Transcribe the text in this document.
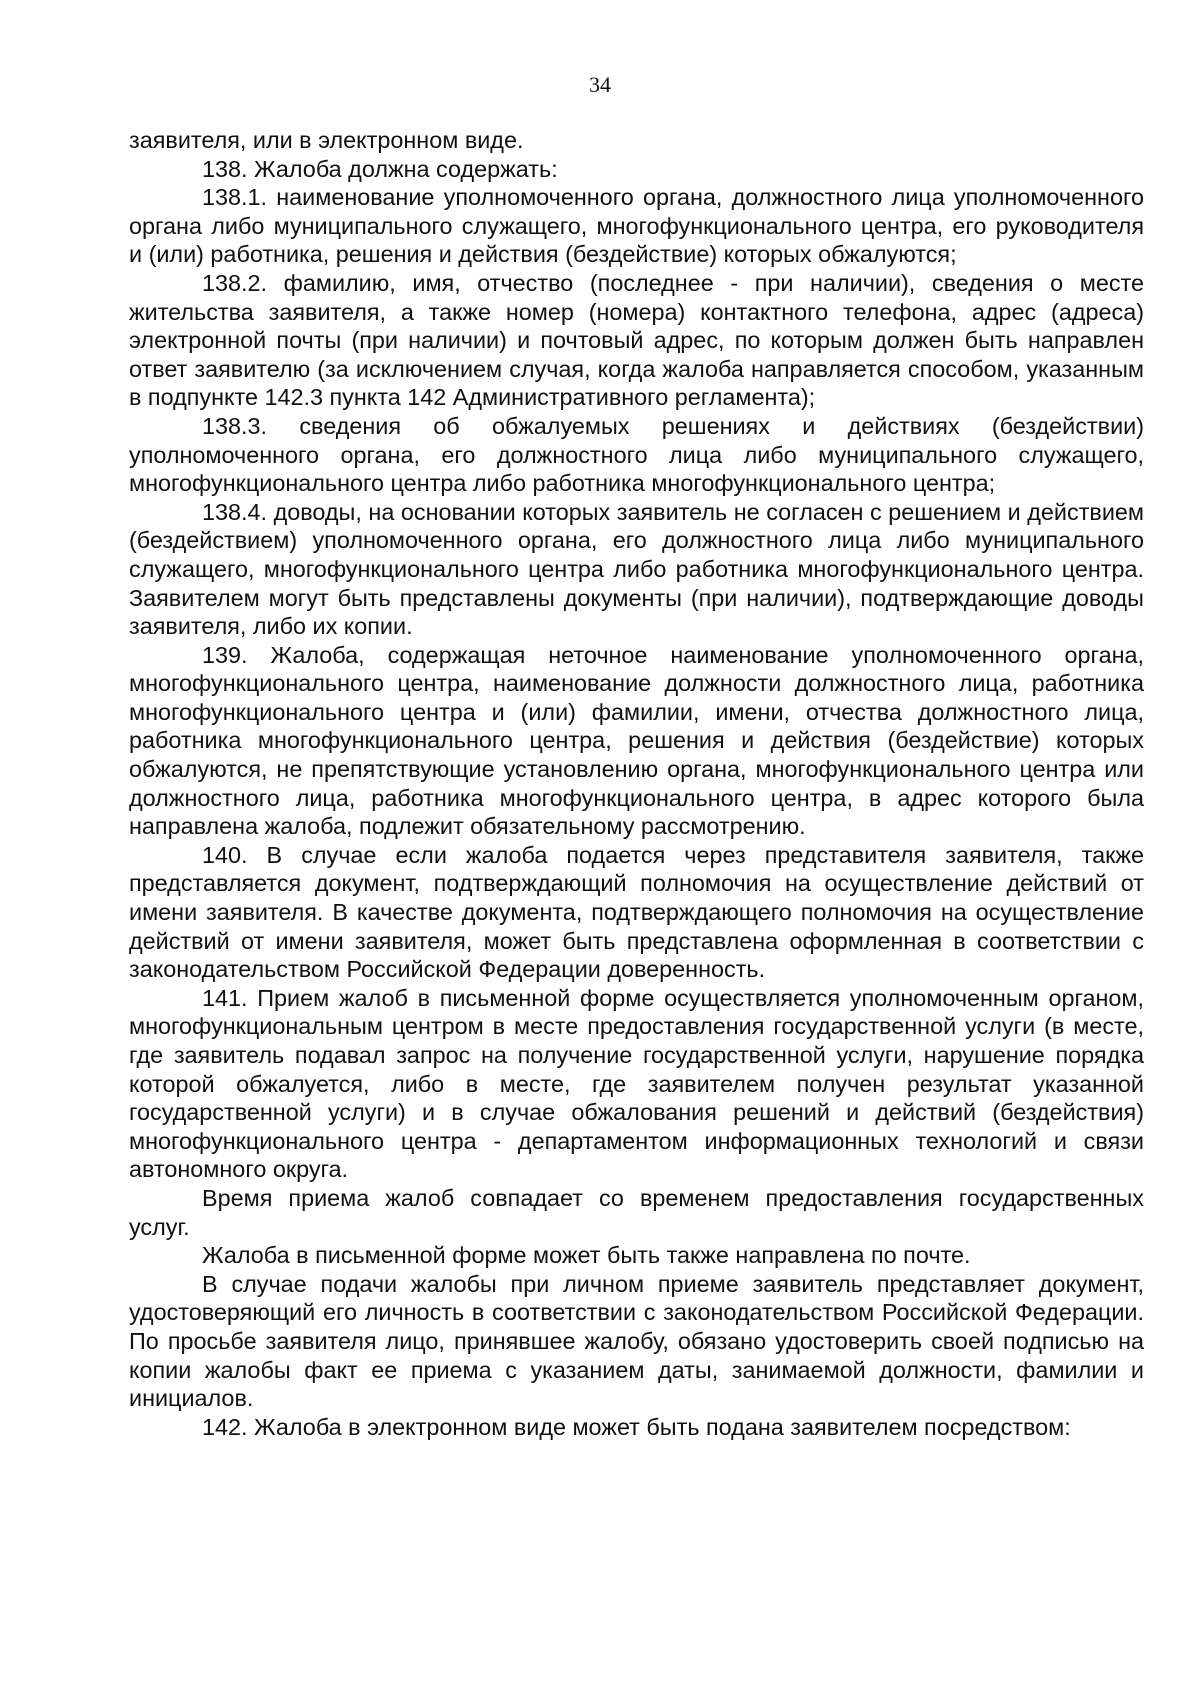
34

заявителя, или в электронном виде.

138. Жалоба должна содержать:

138.1. наименование уполномоченного органа, должностного лица уполномоченного органа либо муниципального служащего, многофункционального центра, его руководителя и (или) работника, решения и действия (бездействие) которых обжалуются;

138.2. фамилию, имя, отчество (последнее - при наличии), сведения о месте жительства заявителя, а также номер (номера) контактного телефона, адрес (адреса) электронной почты (при наличии) и почтовый адрес, по которым должен быть направлен ответ заявителю (за исключением случая, когда жалоба направляется способом, указанным в подпункте 142.3 пункта 142 Административного регламента);

138.3. сведения об обжалуемых решениях и действиях (бездействии) уполномоченного органа, его должностного лица либо муниципального служащего, многофункционального центра либо работника многофункционального центра;

138.4. доводы, на основании которых заявитель не согласен с решением и действием (бездействием) уполномоченного органа, его должностного лица либо муниципального служащего, многофункционального центра либо работника многофункционального центра. Заявителем могут быть представлены документы (при наличии), подтверждающие доводы заявителя, либо их копии.

139. Жалоба, содержащая неточное наименование уполномоченного органа, многофункционального центра, наименование должности должностного лица, работника многофункционального центра и (или) фамилии, имени, отчества должностного лица, работника многофункционального центра, решения и действия (бездействие) которых обжалуются, не препятствующие установлению органа, многофункционального центра или должностного лица, работника многофункционального центра, в адрес которого была направлена жалоба, подлежит обязательному рассмотрению.

140. В случае если жалоба подается через представителя заявителя, также представляется документ, подтверждающий полномочия на осуществление действий от имени заявителя. В качестве документа, подтверждающего полномочия на осуществление действий от имени заявителя, может быть представлена оформленная в соответствии с законодательством Российской Федерации доверенность.

141. Прием жалоб в письменной форме осуществляется уполномоченным органом, многофункциональным центром в месте предоставления государственной услуги (в месте, где заявитель подавал запрос на получение государственной услуги, нарушение порядка которой обжалуется, либо в месте, где заявителем получен результат указанной государственной услуги) и в случае обжалования решений и действий (бездействия) многофункционального центра - департаментом информационных технологий и связи автономного округа.

Время приема жалоб совпадает со временем предоставления государственных услуг.

Жалоба в письменной форме может быть также направлена по почте.

В случае подачи жалобы при личном приеме заявитель представляет документ, удостоверяющий его личность в соответствии с законодательством Российской Федерации. По просьбе заявителя лицо, принявшее жалобу, обязано удостоверить своей подписью на копии жалобы факт ее приема с указанием даты, занимаемой должности, фамилии и инициалов.

142. Жалоба в электронном виде может быть подана заявителем посредством:
